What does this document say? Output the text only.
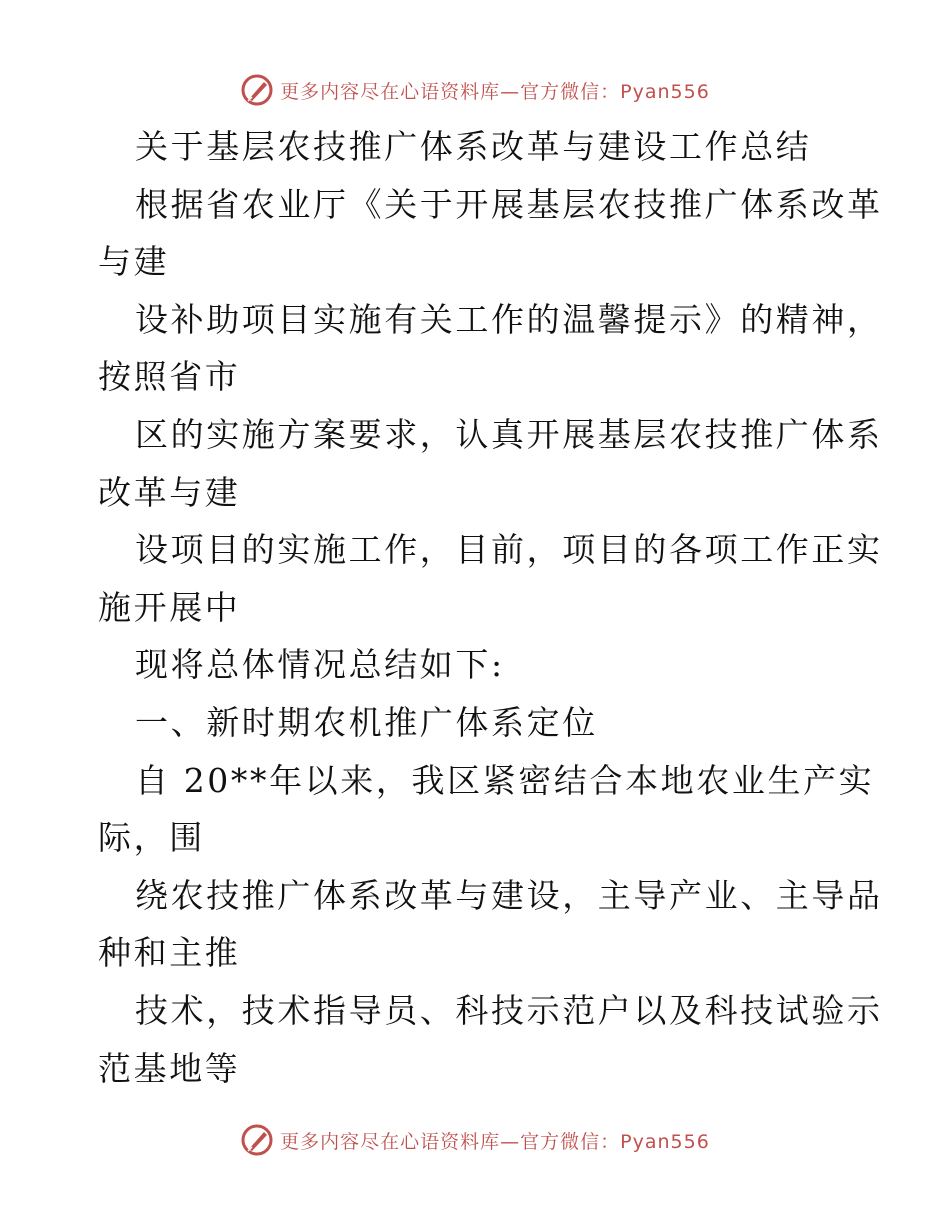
更多内容尽在心语资料库—官方微信：Pyan556
关于基层农技推广体系改革与建设工作总结
根据省农业厅《关于开展基层农技推广体系改革
与建
设补助项目实施有关工作的温馨提示》的精神，
按照省市
区的实施方案要求，认真开展基层农技推广体系
改革与建
设项目的实施工作，目前，项目的各项工作正实
施开展中
现将总体情况总结如下:
一、新时期农机推广体系定位
自 20**年以来，我区紧密结合本地农业生产实
际，围
绕农技推广体系改革与建设，主导产业、主导品
种和主推
技术，技术指导员、科技示范户以及科技试验示
范基地等
更多内容尽在心语资料库—官方微信：Pyan556
